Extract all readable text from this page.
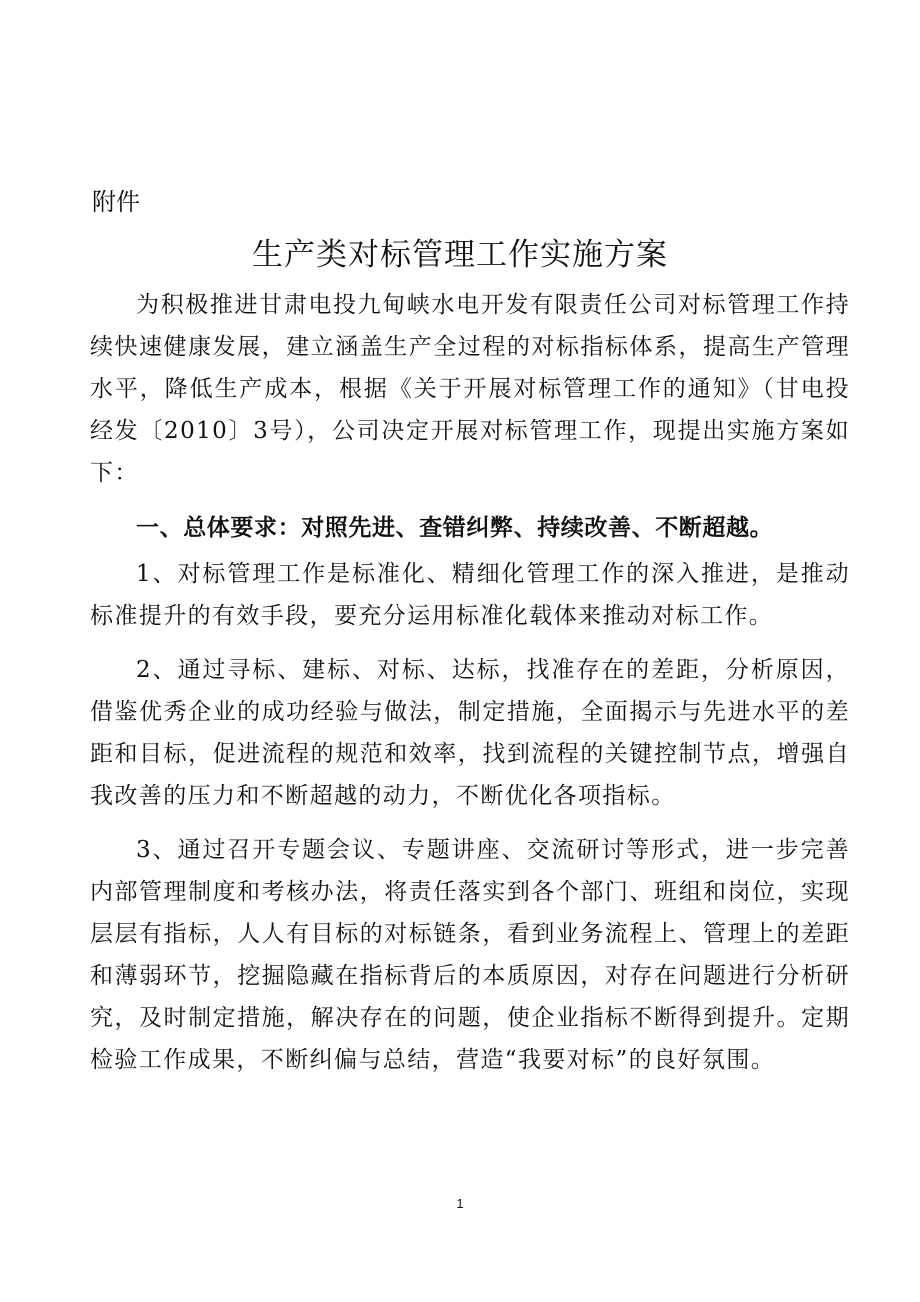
附件
生产类对标管理工作实施方案

为积极推进甘肃电投九甸峡水电开发有限责任公司对标管理工作持续快速健康发展，建立涵盖生产全过程的对标指标体系，提高生产管理水平，降低生产成本，根据《关于开展对标管理工作的通知》（甘电投经发〔2010〕3号），公司决定开展对标管理工作，现提出实施方案如下：

一、总体要求：对照先进、查错纠弊、持续改善、不断超越。

1、对标管理工作是标准化、精细化管理工作的深入推进，是推动标准提升的有效手段，要充分运用标准化载体来推动对标工作。

2、通过寻标、建标、对标、达标，找准存在的差距，分析原因，借鉴优秀企业的成功经验与做法，制定措施，全面揭示与先进水平的差距和目标，促进流程的规范和效率，找到流程的关键控制节点，增强自我改善的压力和不断超越的动力，不断优化各项指标。

3、通过召开专题会议、专题讲座、交流研讨等形式，进一步完善内部管理制度和考核办法，将责任落实到各个部门、班组和岗位，实现层层有指标，人人有目标的对标链条，看到业务流程上、管理上的差距和薄弱环节，挖掘隐藏在指标背后的本质原因，对存在问题进行分析研究，及时制定措施，解决存在的问题，使企业指标不断得到提升。定期检验工作成果，不断纠偏与总结，营造“我要对标”的良好氛围。

1
